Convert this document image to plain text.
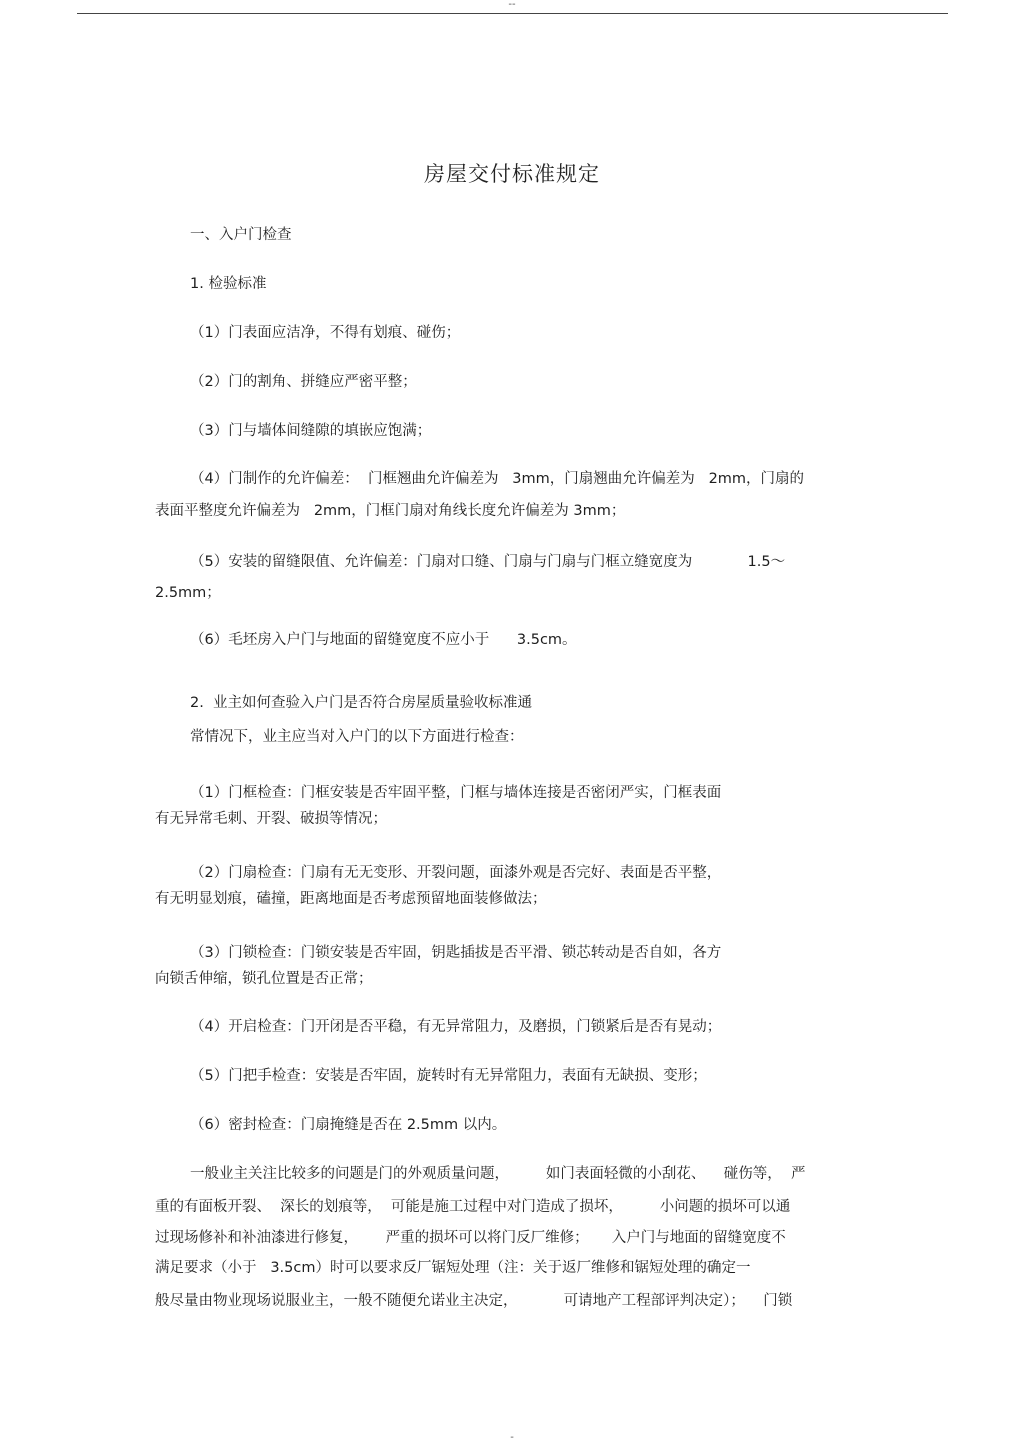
--
房屋交付标准规定

一、入户门检查

1. 检验标准

（1）门表面应洁净，不得有划痕、碰伤；

（2）门的割角、拼缝应严密平整；

（3）门与墙体间缝隙的填嵌应饱满；

（4）门制作的允许偏差：  门框翘曲允许偏差为   3mm，门扇翘曲允许偏差为   2mm，门扇的

表面平整度允许偏差为   2mm，门框门扇对角线长度允许偏差为 3mm；

（5）安装的留缝限值、允许偏差：门扇对口缝、门扇与门扇与门框立缝宽度为            1.5～

2.5mm；

（6）毛坯房入户门与地面的留缝宽度不应小于      3.5cm。

2.  业主如何查验入户门是否符合房屋质量验收标准通

常情况下，业主应当对入户门的以下方面进行检查：

（1）门框检查：门框安装是否牢固平整，门框与墙体连接是否密闭严实，门框表面

有无异常毛刺、开裂、破损等情况；

（2）门扇检查：门扇有无无变形、开裂问题，面漆外观是否完好、表面是否平整，

有无明显划痕，磕撞，距离地面是否考虑预留地面装修做法；

（3）门锁检查：门锁安装是否牢固，钥匙插拔是否平滑、锁芯转动是否自如，各方

向锁舌伸缩，锁孔位置是否正常；

（4）开启检查：门开闭是否平稳，有无异常阻力，及磨损，门锁紧后是否有晃动；

（5）门把手检查：安装是否牢固，旋转时有无异常阻力，表面有无缺损、变形；

（6）密封检查：门扇掩缝是否在 2.5mm 以内。

一般业主关注比较多的问题是门的外观质量问题，        如门表面轻微的小刮花、    碰伤等，  严

重的有面板开裂、  深长的划痕等，  可能是施工过程中对门造成了损坏，        小问题的损坏可以通

过现场修补和补油漆进行修复，      严重的损坏可以将门反厂维修；     入户门与地面的留缝宽度不

满足要求（小于   3.5cm）时可以要求反厂锯短处理（注：关于返厂维修和锯短处理的确定一

般尽量由物业现场说服业主，一般不随便允诺业主决定，          可请地产工程部评判决定）；    门锁

-
